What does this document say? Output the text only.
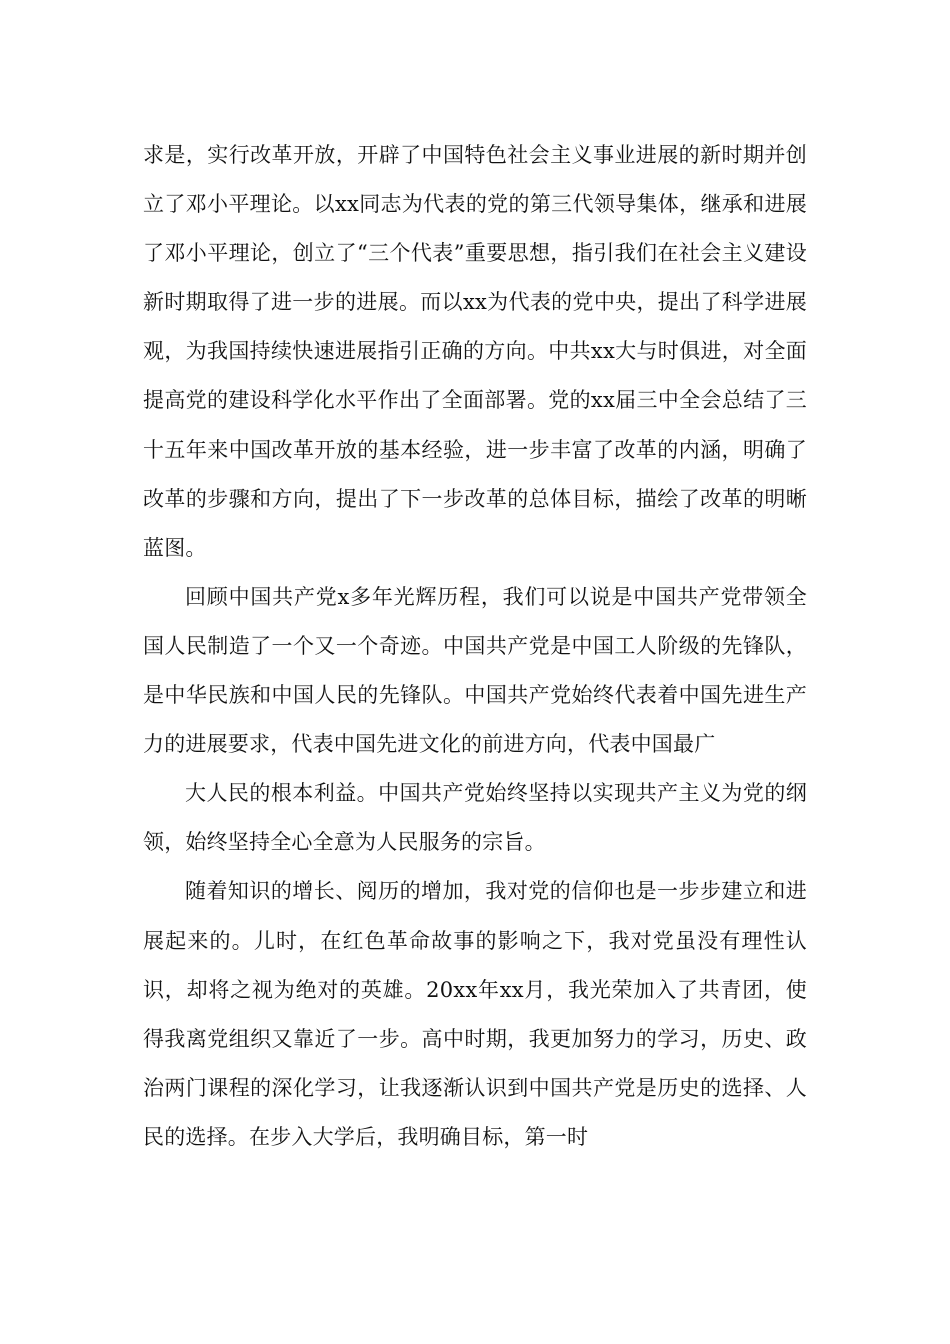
求是，实行改革开放，开辟了中国特色社会主义事业进展的新时期并创立了邓小平理论。以xx同志为代表的党的第三代领导集体，继承和进展了邓小平理论，创立了“三个代表”重要思想，指引我们在社会主义建设新时期取得了进一步的进展。而以xx为代表的党中央，提出了科学进展观，为我国持续快速进展指引正确的方向。中共xx大与时俱进，对全面提高党的建设科学化水平作出了全面部署。党的xx届三中全会总结了三十五年来中国改革开放的基本经验，进一步丰富了改革的内涵，明确了改革的步骤和方向，提出了下一步改革的总体目标，描绘了改革的明晰蓝图。

回顾中国共产党x多年光辉历程，我们可以说是中国共产党带领全国人民制造了一个又一个奇迹。中国共产党是中国工人阶级的先锋队，是中华民族和中国人民的先锋队。中国共产党始终代表着中国先进生产力的进展要求，代表中国先进文化的前进方向，代表中国最广

大人民的根本利益。中国共产党始终坚持以实现共产主义为党的纲领，始终坚持全心全意为人民服务的宗旨。

随着知识的增长、阅历的增加，我对党的信仰也是一步步建立和进展起来的。儿时，在红色革命故事的影响之下，我对党虽没有理性认识，却将之视为绝对的英雄。20xx年xx月，我光荣加入了共青团，使得我离党组织又靠近了一步。高中时期，我更加努力的学习，历史、政治两门课程的深化学习，让我逐渐认识到中国共产党是历史的选择、人民的选择。在步入大学后，我明确目标，第一时
